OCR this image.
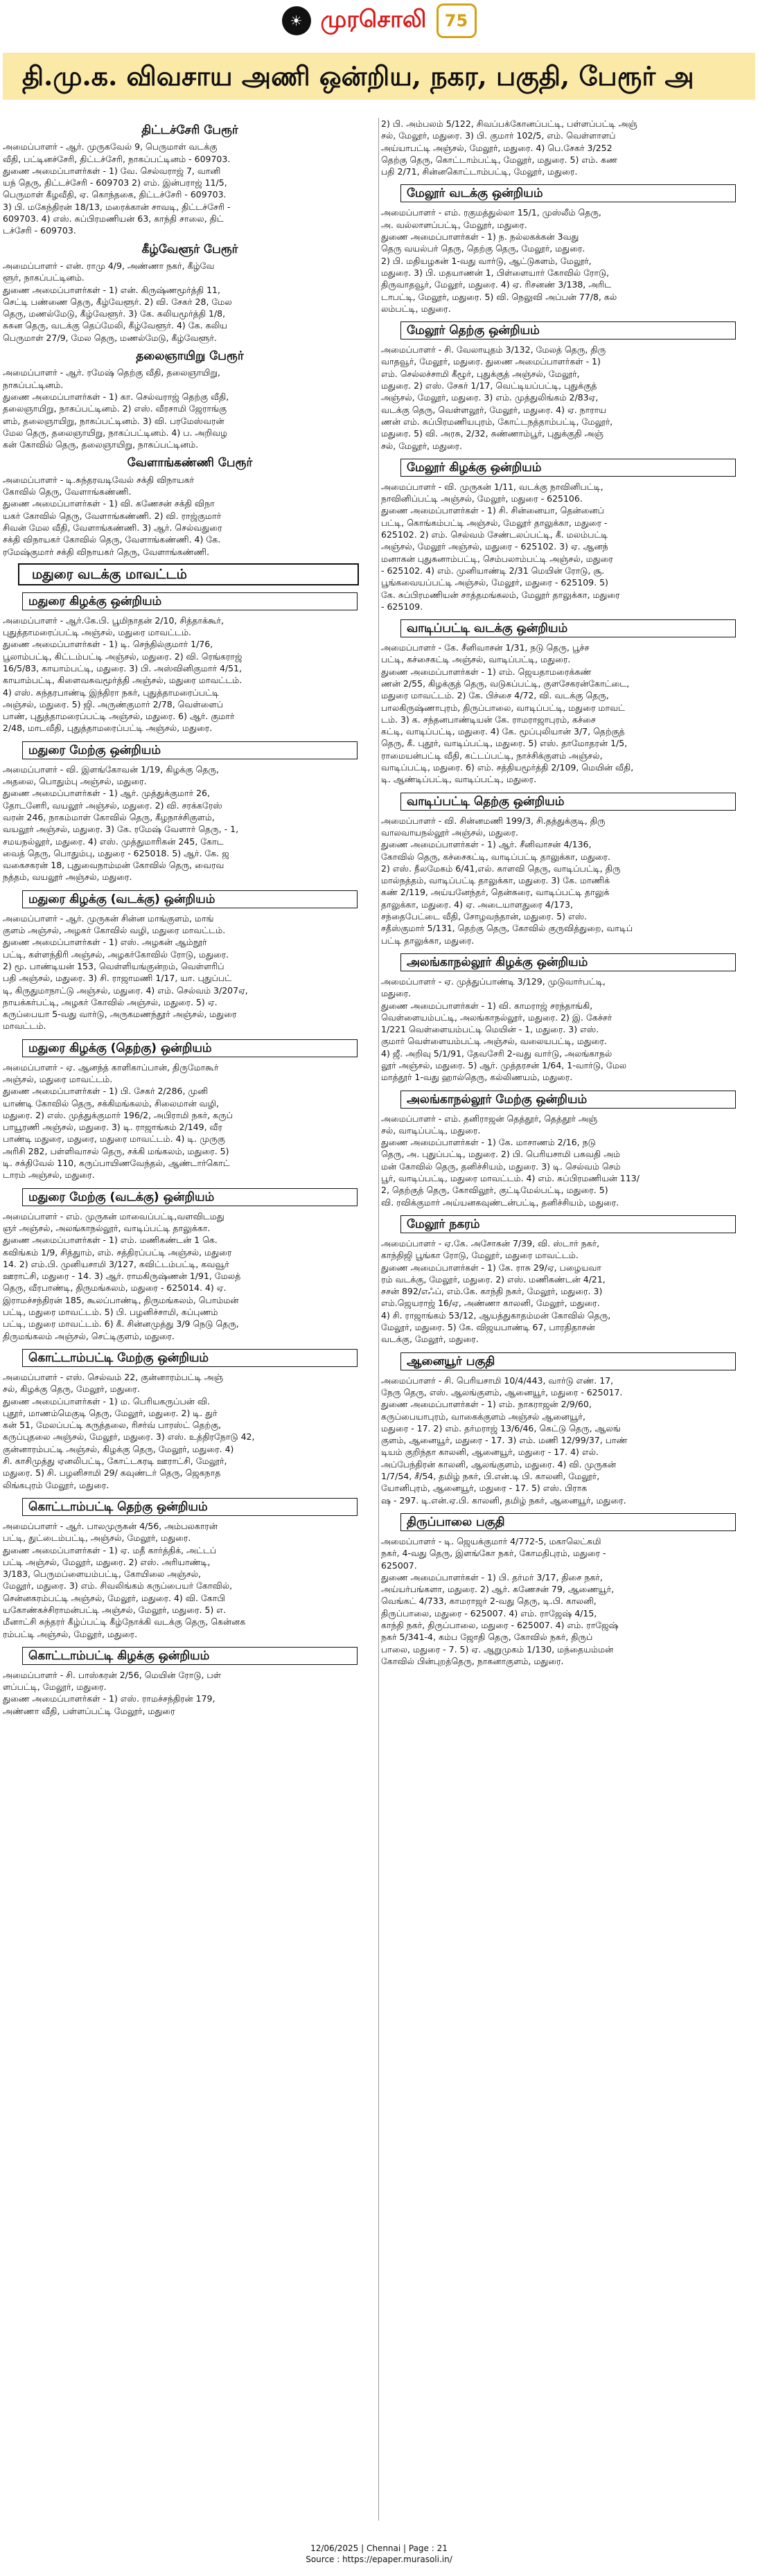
☀ முரசொலி	75
தி.மு.க. விவசாய அணி ஒன்றிய, நகர, பகுதி, பேரூர் அ
திட்டச்சேரி பேரூர்
அமைப்பாளர் - ஆர். முருகவேல் 9, பெருமாள் வடக்கு
வீதி, பட்டினச்சேரி, திட்டச்சேரி, நாகப்பட்டினம் - 609703.
துணை அமைப்பாளர்கள் - 1) வே. செல்வராஜ் 7, வானி
யந் தெரு, திட்டச்சேரி - 609703 2) எம். இன்பராஜ் 11/5,
பெருமாள் கீழவீதி, ஏ. கொந்தகை, திட்டச்சேரி - 609703.
3) பி. மகேந்திரன் 18/13, மரைக்கான் சாவடி, திட்டச்சேரி -
609703. 4) எஸ். சுப்பிரமணியன் 63, காந்தி சாலை, திட்
டச்சேரி - 609703.
கீழ்வேளூர் பேரூர்
அமைப்பாளர் - என். ராமு 4/9, அண்ணா நகர், கீழ்வே
ளூர், நாகப்பட்டினம்.
துணை அமைப்பாளர்கள் - 1) என். கிருஷ்ணமூர்த்தி 11,
செட்டி பண்ணை தெரு, கீழ்வேளூர். 2) வி. சேகர் 28, மேல
தெரு, மணல்மேடு, கீழ்வேளூர். 3) கே. கலியமூர்த்தி 1/8,
சுசுன தெரு, வடக்கு தெப்மேலி, கீழ்வேளூர். 4) கே. கலிய
பெருமாள் 27/9, மேல தெரு, மணல்மேடு, கீழ்வேளூர்.
தலைஞாயிறு பேரூர்
அமைப்பாளர் - ஆர். ரமேஷ் தெற்கு வீதி, தலைஞாயிறு,
நாகப்பட்டினம்.
துணை அமைப்பாளர்கள் - 1) கா. செல்வராஜ் தெற்கு வீதி,
தலைஞாயிறு, நாகப்பட்டினம். 2) எஸ். வீரசாமி ஜேராங்கு
ளம், தலைஞாயிறு, நாகப்பட்டினம். 3) வி. பரமேஸ்வரன்
மேல தெரு, தலைஞாயிறு, நாகப்பட்டினம். 4) ப. அறிவழ
கன் கோவில் தெரு, தலைஞாயிறு, நாகப்பட்டினம்.
வேளாங்கண்ணி பேரூர்
அமைப்பாளர் - டி.சுந்தரவடிவேல் சக்தி விநாயகர்
கோவில் தெரு, வேளாங்கண்ணி.
துணை அமைப்பாளர்கள் - 1) வி. கணேசன் சக்தி விநா
யகர் கோவில் தெரு, வேளாங்கண்ணி. 2) வி. ராஜ்குமார்
சிவன் மேல வீதி, வேளாங்கண்ணி. 3) ஆர். செல்வதுரை
சக்தி விநாயகர் கோவில் தெரு, வேளாங்கண்ணி. 4) கே.
ரமேஷ்குமார் சக்தி விநாயகர் தெரு, வேளாங்கண்ணி.
மதுரை வடக்கு மாவட்டம்
மதுரை கிழக்கு ஒன்றியம்
அமைப்பாளர் - ஆர்.கே.பி. பூமிநாதன் 2/10, சித்தாக்கூர்,
புதுத்தாமரைப்பட்டி அஞ்சல், மதுரை மாவட்டம்.
துணை அமைப்பாளர்கள் - 1) டி. செந்தில்குமார் 1/76,
பூலாம்பட்டி, கிட்டம்பட்டி அஞ்சல், மதுரை. 2) வி. ரெங்கராஜ்
16/5/83, காயாம்பட்டி, மதுரை. 3) பி. அஸ்வினிகுமார் 4/51,
காயாம்பட்டி, கிளைவசுவமூர்த்தி அஞ்சல், மதுரை மாவட்டம்.
4) எஸ். சுந்தரபாண்டி இந்திரா நகர், புதுத்தாமரைப்பட்டி
அஞ்சல், மதுரை. 5) ஜி. அருண்குமார் 2/78, வெள்ளைப்
பாண், புதுத்தாமரைப்பட்டி அஞ்சல், மதுரை. 6) ஆர். குமார்
2/48, மாடவீதி, புதுத்தாமரைப்பட்டி அஞ்சல், மதுரை.
மதுரை மேற்கு ஒன்றியம்
அமைப்பாளர் - வி. இளங்கோவன் 1/19, கிழக்கு தெரு,
அதலை, பொதும்பு அஞ்சல், மதுரை.
துணை அமைப்பாளர்கள் - 1) ஆர். முத்துக்குமார் 26,
தோடனேரி, வயலூர் அஞ்சல், மதுரை. 2) வி. சரக்கரேஸ்
வரன் 246, நாகம்மாள் கோவில் தெரு, கீழநாச்சிகுளம்,
வயலூர் அஞ்சல், மதுரை. 3) கே. ரமேஷ் வேளார் தெரு, - 1,
சமயநல்லூர், மதுரை. 4) எஸ். முத்துமாரிகன் 245, கோட
வைத் தெரு, பொதும்பு, மதுரை - 625018. 5) ஆர். கே. ஜ
வகைசகரன் 18, புதுவைநாம்மன் கோவில் தெரு, வைரவ
நத்தம், வயலூர் அஞ்சல், மதுரை.
மதுரை கிழக்கு (வடக்கு) ஒன்றியம்
அமைப்பாளர் - ஆர். முருகன் சின்ன மாங்குளம், மாங்
குளம் அஞ்சல், அழகர் கோவில் வழி, மதுரை மாவட்டம்.
துணை அமைப்பாளர்கள் - 1) எஸ். அழகன் ஆம்நூர்
பட்டி, கள்ளந்திரி அஞ்சல், அழகர்கோவில் ரோடு, மதுரை.
2) மூ. பாண்டியன் 153, வெள்ளியங்குன்றம், வெள்ளரிப்
பதி அஞ்சல், மதுரை. 3) சி. ராஜாமணி 1/17, யா. புதுப்பட்
டி, கிருதுமாநாட்டு அஞ்சல், மதுரை. 4) எம். செல்வம் 3/207ஏ,
நாயக்கர்பட்டி, அழகர் கோவில் அஞ்சல், மதுரை. 5) ஏ.
கருப்பையா 5-வது வார்டு, அருகமணந்தூர் அஞ்சல், மதுரை
மாவட்டம்.
மதுரை கிழக்கு (தெற்கு) ஒன்றியம்
அமைப்பாளர் - ஏ. ஆனந்த் காளிகாப்பான், திருமோகூர்
அஞ்சல், மதுரை மாவட்டம்.
துணை அமைப்பாளர்கள் - 1) பி. சேகர் 2/286, முனி
யாண்டி கோவில் தெரு, சக்கிமங்கலம், சிலைமான் வழி,
மதுரை. 2) எஸ். முத்துக்குமார் 196/2, அபிராமி நகர், கருப்
பாயூரணி அஞ்சல், மதுரை. 3) டி. ராஜாங்கம் 2/149, வீர
பாண்டி மதுரை, மதுரை, மதுரை மாவட்டம். 4) டி. முருகு
அரிசி 282, பள்ளிவாசல் தெரு, சக்கி மங்கலம், மதுரை. 5)
டி. சக்திவேல் 110, கருப்பாயிணவேந்தல், ஆண்டார்கொட்
டாரம் அஞ்சல், மதுரை.
மதுரை மேற்கு (வடக்கு) ஒன்றியம்
அமைப்பாளர் - எம். முருகன் மாவைப்பட்டி,வளவிடமது
ஞர் அஞ்சல், அலங்காநல்லூர், வாடிப்பட்டி தாலுக்கா.
துணை அமைப்பாளர்கள் - 1) எம். மணிகண்டன் 1 கெ.
கவிங்கம் 1/9, சித்துாம், எம். சத்திரப்பட்டி அஞ்சல், மதுரை
14. 2) எம்.பி. முனியசாமி 3/127, கவிட்டம்பட்டி, கவவூர்
ஊராட்சி, மதுரை - 14. 3) ஆர். ராமகிருஷ்ணன் 1/91, மேலத்
தெரு, வீரபாண்டி, திருமங்கலம், மதுரை - 625014. 4) ஏ.
இராமச்சந்திரன் 185, கூலப்பாண்டி, திருமங்கலம், பொம்மன்
பட்டி, மதுரை மாவட்டம். 5) பி. பழனிச்சாமி, கப்புணம்
பட்டி, மதுரை மாவட்டம். 6) கீ. சின்னமுத்து 3/9 நெடு தெரு,
திருமங்கலம் அஞ்சல், செட்டிகுளம், மதுரை.
கொட்டாம்பட்டி மேற்கு ஒன்றியம்
அமைப்பாளர் - எஸ். செல்வம் 22, குன்னாரம்பட்டி அஞ்
சல், கிழக்கு தெரு, மேலூர், மதுரை.
துணை அமைப்பாளர்கள் - 1) ம. பெரியகருப்பன் வி.
புதூர், மாணம்மெகுடி தெரு, மேலூர், மதுரை. 2) டி. துர்
கன் 51, மேலப்பட்டி கருத்தலை, ரிசர்வ் பாரஸ்ட் தெற்கு,
கருப்புதலை அஞ்சல், மேலூர், மதுரை. 3) எஸ். உத்திரநோடு 42,
குன்னாரம்பட்டி அஞ்சல், கிழக்கு தெரு, மேலூர், மதுரை. 4)
சி. காசிமுத்து ஏனலிபட்டி, கோட்டகரடி ஊராட்சி, மேலூர்,
மதுரை. 5) சி. பழனிசாமி 29/ கவுண்டர் தெரு, ஜெகநாத
லிங்கபுரம் மேலூர், மதுரை.
கொட்டாம்பட்டி தெற்கு ஒன்றியம்
அமைப்பாளர் - ஆர். பாலமுருகன் 4/56, அம்பலகாரன்
பட்டி, துட்டைம்பட்டி, அஞ்சல், மேலூர், மதுரை.
துணை அமைப்பாளர்கள் - 1) ஏ. மதீ கார்த்திக், அட்டப்
பட்டி அஞ்சல், மேலூர், மதுரை. 2) எஸ். அரியாண்டி,
3/183, பெருமப்ளையம்பட்டி, கோயிலை அஞ்சல்,
மேலூர், மதுரை. 3) எம். சிவலிங்கம் கருப்பையர் கோவில்,
சென்னகரம்பட்டி அஞ்சல், மேலூர், மதுரை. 4) வி. கோபி
யகோண்கச்சிராமன்பட்டி அஞ்சல், மேலூர், மதுரை. 5) எ.
மீனாட்சி சுந்தரர் கீழ்ப்பட்டி கீழ்நோக்கி வடக்கு தெரு, கென்னக
ரம்பட்டி அஞ்சல், மேலூர், மதுரை.
கொட்டாம்பட்டி கிழக்கு ஒன்றியம்
அமைப்பாளர் - சி. பாஸ்கரன் 2/56, மெயின் ரோடு, பள்
ளப்பட்டி, மேலூர், மதுரை.
துணை அமைப்பாளர்கள் - 1) எஸ். ராமச்சந்திரன் 179,
அண்ணா வீதி, பள்ளப்பட்டி மேலூர், மதுரை
2) பி. அம்பலம் 5/122, சிவப்பக்கோனப்பட்டி, பள்ளப்பட்டி அஞ்
சல், மேலூர், மதுரை. 3) பி. குமார் 102/5, எம். வெள்ளாளப்
அய்யாபட்டி அஞ்சல், மேலூர், மதுரை. 4) பெ.சேகர் 3/252
தெற்கு தெரு, கொட்டாம்பட்டி, மேலூர், மதுரை. 5) எம். கண
பதி 2/71, சின்னகொட்டாம்பட்டி, மேலூர், மதுரை.
மேலூர் வடக்கு ஒன்றியம்
அமைப்பாளர் - எம். ரகுமத்துல்லா 15/1, முஸ்லீம் தெரு,
அ. வல்லாளப்பட்டி, மேலூர், மதுரை.
துணை அமைப்பாளர்கள் - 1) ந. நல்லகக்கன் 3வது
தெரு வயல்பர் தெரு, தெற்கு தெரு, மேலூர், மதுரை.
2) பி. மதியழகன் 1-வது வார்டு, ஆட்டுகளம், மேலூர்,
மதுரை. 3) பி. மதயாணன் 1, பிள்ளையார் கோவில் ரோடு,
திருவாதவூர், மேலூர், மதுரை. 4) ஏ. ரிசனண் 3/138, அரிட
டாபட்டி, மேலூர், மதுரை. 5) வி. நெலுவி அப்பன் 77/8, கல்
லம்பட்டி, மதுரை.
மேலூர் தெற்கு ஒன்றியம்
அமைப்பாளர் - சி. வேலாயுதம் 3/132, மேலத் தெரு, திரு
வாதவூர், மேலூர், மதுரை. துணை அமைப்பாளர்கள் - 1)
எம். செல்லச்சாமி கீழூர், புதுக்குத் அஞ்சல், மேலூர்,
மதுரை. 2) எஸ். சேகர் 1/17, வெட்டியப்பட்டி, புதுக்குத்
அஞ்சல், மேலூர், மதுரை. 3) எம். முத்துலிங்கம் 2/83ஏ,
வடக்கு தெரு, வெள்ளலூர், மேலூர், மதுரை. 4) ஏ. நாராய
ணன் எம். சுப்பிரமணியபுரம், கோட்டநத்தாம்பட்டி, மேலூர்,
மதுரை. 5) வி. அரசு, 2/32, சுண்ணாம்பூர், புதுக்குதி அஞ்
சல், மேலூர், மதுரை.
மேலூர் கிழக்கு ஒன்றியம்
அமைப்பாளர் - வி. முருகன் 1/11, வடக்கு நாவினிபட்டி,
நாவினிப்பட்டி அஞ்சல், மேலூர், மதுரை - 625106.
துணை அமைப்பாளர்கள் - 1) சி. சின்னையா, தென்னைப்
பட்டி, கொங்கம்பட்டி அஞ்சல், மேலூர் தாலுக்கா, மதுரை -
625102. 2) எம். செல்வம் சேண்டலப்பட்டி, கீ. மலம்பட்டி
அஞ்சல், மேலூர் அஞ்சல், மதுரை - 625102. 3) ஏ. ஆனந்
மனாகன் புதுசுனாம்பட்டி, செம்பலாம்பட்டி அஞ்சல், மதுரை
- 625102. 4) எம். முனியாண்டி 2/31 மெயின் ரோடு, சூ.
பூங்கவையப்பட்டி அஞ்சல், மேலூர், மதுரை - 625109. 5)
கே. சுப்பிரமணியன் சாத்தமங்கலம், மேலூர் தாலுக்கா, மதுரை
- 625109.
வாடிப்பட்டி வடக்கு ஒன்றியம்
அமைப்பாளர் - கே. சீனிவாசன் 1/31, நடு தெரு, பூச்ச
பட்டி, கச்சைகட்டி அஞ்சல், வாடிப்பட்டி, மதுரை.
துணை அமைப்பாளர்கள் - 1) எம். ஜெயதாமரைக்கண்
ணன் 2/55, கிழக்குத் தெரு, வடுகப்பட்டி, குளசேகரன்கோட்டை,
மதுரை மாவட்டம். 2) கே. பிச்சை 4/72, வி. வடக்கு தெரு,
பாலகிருஷ்ணாபுரம், திருப்பாலை, வாடிப்பட்டி, மதுரை மாவட்
டம். 3) க. சந்தனபாண்டியன் கே. ராமராஜாபுரம், கச்சை
கட்டி, வாடிப்பட்டி, மதுரை. 4) கே. மூப்புலியான் 3/7, தெற்குத்
தெரு, கீ. புதூர், வாடிப்பட்டி, மதுரை. 5) எஸ். தாமோதரன் 1/5,
ராமையன்பட்டி வீதி, கட்டப்பட்டி, நாச்சிக்குளம் அஞ்சல்,
வாடிப்பட்டி, மதுரை. 6) எம். சத்தியமூர்த்தி 2/109, மெயின் வீதி,
டி. ஆண்டிப்பட்டி, வாடிப்பட்டி, மதுரை.
வாடிப்பட்டி தெற்கு ஒன்றியம்
அமைப்பாளர் - வி. சின்னமணி 199/3, சி.தத்துக்குடி, திரு
வாலவாயநல்லூர் அஞ்சல், மதுரை.
துணை அமைப்பாளர்கள் - 1) ஆர். சீனிவாசன் 4/136,
கோவில் தெரு, கச்சைகட்டி, வாடிப்பட்டி தாலுக்கா, மதுரை.
2) எஸ். நீலமேகம் 6/41,எல். காளவி தெரு, வாடிப்பட்டி, திரு
மால்நத்தம், வாடிப்பட்டி தாலுக்கா, மதுரை. 3) கே. மாணிக்
கண் 2/119, அய்யனேந்தர், தென்கரை, வாடிப்பட்டி தாலுக்
தாலுக்கா, மதுரை. 4) ஏ. அடையாளதுரை 4/173,
சந்தைபேட்டை வீதி, சோழவந்தான், மதுரை. 5) எஸ்.
சதீஸ்குமார் 5/131, தெற்கு தெரு, கோவில் குருவித்துறை, வாடிப்
பட்டி தாலுக்கா, மதுரை.
அலங்காநல்லூர் கிழக்கு ஒன்றியம்
அமைப்பாளர் - ஏ. முத்துப்பாண்டி 3/129, முடுவார்பட்டி,
மதுரை.
துணை அமைப்பாளர்கள் - 1) வி. காமராஜ் சரந்தாங்கி,
வெள்ளையம்பட்டி, அலங்காநல்லூர், மதுரை. 2) இ. கேச்சர்
1/221 வெள்ளையம்பட்டி மெயின் - 1, மதுரை. 3) எஸ்.
குமார் வெள்ளையம்பட்டி அஞ்சல், வலையபட்டி, மதுரை.
4) ஜீ. அறிவு 5/1/91, தேவசேரி 2-வது வார்டு, அலங்காநல்
லூர் அஞ்சல், மதுரை. 5) ஆர். முத்தரசன் 1/64, 1-வார்டு, மேல
மாத்தூர் 1-வது ஹால்தெரு, கல்லிணயம், மதுரை.
அலங்காநல்லூர் மேற்கு ஒன்றியம்
அமைப்பாளர் - எம். தனிராஜன் தெத்தூர், தெத்தூர் அஞ்
சல், வாடிப்பட்டி, மதுரை.
துணை அமைப்பாளர்கள் - 1) கே. மாசாணம் 2/16, நடு
தெரு, அ. புதுப்பட்டி, மதுரை. 2) பி. பெரியசாமி பகவதி அம்
மன் கோவில் தெரு, தனிச்சியம், மதுரை. 3) டி. செல்வம் செம்
பூர், வாடிப்பட்டி, மதுரை மாவட்டம். 4) எம். சுப்பிரமணியன் 113/
2, தெற்குத் தெரு, கோவிலூர், குட்டிமேல்பட்டி, மதுரை. 5)
வி. ரவிக்குமார் அய்யனகவுண்டன்பட்டி, தனிச்சியம், மதுரை.
மேலூர் நகரம்
அமைப்பாளர் - ஏ.கே. அசோகன் 7/39, வி. ஸ்டார் நகர்,
காந்திஜி பூங்கா ரோடு, மேலூர், மதுரை மாவட்டம்.
துணை அமைப்பாளர்கள் - 1) கே. ராசு 29/ஏ, பழையவா
ரம் வடக்கு, மேலூர், மதுரை. 2) எஸ். மணிகண்டன் 4/21,
சசன் 892/எஃப், எம்.கே. காந்தி நகர், மேலூர், மதுரை. 3)
எம்.ஜெயராஜ் 16/ஏ, அண்ணா காலனி, மேலூர், மதுரை.
4) சி. ராஜாங்கம் 53/12, ஆயத்துகாதம்மன் கோவில் தெரு,
மேலூர், மதுரை. 5) கே. விஜயபாண்டி 67, பாரதிதாசன்
வடக்கு, மேலூர், மதுரை.
ஆனையூர் பகுதி
அமைப்பாளர் - சி. பெரியசாமி 10/4/443, வார்டு எண். 17,
நேரு தெரு, எஸ். ஆலங்குளம், ஆனையூர், மதுரை - 625017.
துணை அமைப்பாளர்கள் - 1) எம். நாகராஜன் 2/9/60,
கருப்பையாபுரம், வாகைக்குளம் அஞ்சல் ஆனையூர்,
மதுரை - 17. 2) எம். தர்மராஜ் 13/6/46, கெட்டு தெரு, ஆலங்
குளம், ஆனையூர், மதுரை - 17. 3) எம். மணி 12/99/37, பாண்
டியம் குறிந்தா காலனி, ஆனையூர், மதுரை - 17. 4) எல்.
அப்பேந்திரன் காலனி, ஆலங்குளம், மதுரை. 4) வி. முருகன்
1/7/54, சீ/54, தமிழ் நகர், பி.என்.டி பி. காலனி, மேலூர்,
யோனிபுரம், ஆனையூர், மதுரை - 17. 5) எஸ். பிராக
ஷ - 297. டி.என்.ஏ.பி. காலனி, தமிழ் நகர், ஆனையூர், மதுரை.
திருப்பாலை பகுதி
அமைப்பாளர் - டி. ஜெயக்குமார் 4/772-5, மகாலெட்சுமி
நகர், 4-வது தெரு, இளங்கோ நகர், கோமதிபுரம், மதுரை -
625007.
துணை அமைப்பாளர்கள் - 1) பி. தர்மர் 3/17, திசை நகர்,
அய்யர்பங்களா, மதுரை. 2) ஆர். கணேசன் 79, ஆணையூர்,
வெங்கட் 4/733, காமராஜர் 2-வது தெரு, டி.பி. காலனி,
திருப்பாலை, மதுரை - 625007. 4) எம். ராஜேஷ் 4/15,
காந்தி நகர், திருப்பாலை, மதுரை - 625007. 4) எம். ராஜேஷ்
நகர் 5/341-4, கம்ப ஜோதி தெரு, கோவில் நகர், திருப்
பாலை, மதுரை - 7. 5) ஏ. ஆறுமுகம் 1/130, மந்தையம்மன்
கோவில் பின்புறத்தெரு, நாகனாகுளம், மதுரை.
12/06/2025 | Chennai | Page : 21
Source : https://epaper.murasoli.in/
